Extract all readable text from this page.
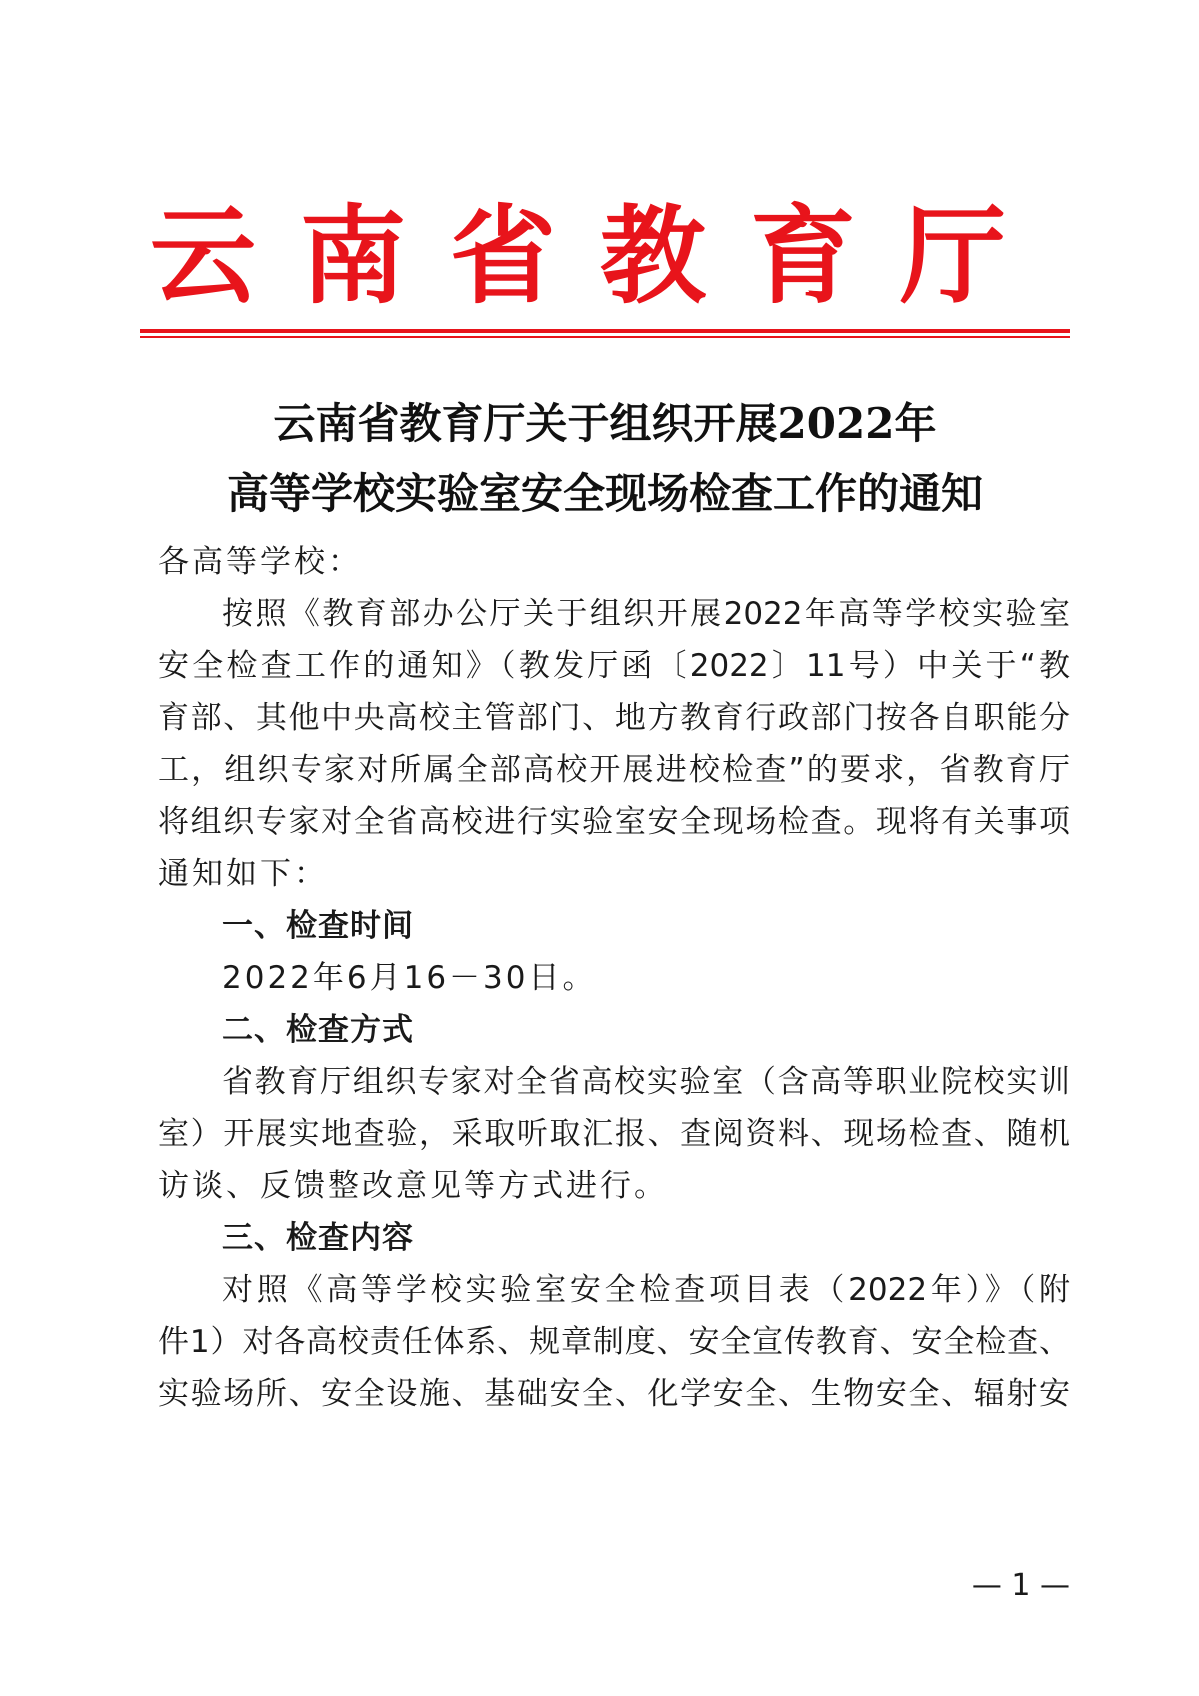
云南省教育厅
云南省教育厅关于组织开展2022年
高等学校实验室安全现场检查工作的通知
各高等学校：
按照《教育部办公厅关于组织开展2022年高等学校实验室
安全检查工作的通知》（教发厅函〔2022〕11号）中关于“教
育部、其他中央高校主管部门、地方教育行政部门按各自职能分
工，组织专家对所属全部高校开展进校检查”的要求，省教育厅
将组织专家对全省高校进行实验室安全现场检查。现将有关事项
通知如下：
一、检查时间
2022年6月16－30日。
二、检查方式
省教育厅组织专家对全省高校实验室（含高等职业院校实训
室）开展实地查验，采取听取汇报、查阅资料、现场检查、随机
访谈、反馈整改意见等方式进行。
三、检查内容
对照《高等学校实验室安全检查项目表（2022年）》（附
件1）对各高校责任体系、规章制度、安全宣传教育、安全检查、
实验场所、安全设施、基础安全、化学安全、生物安全、辐射安
— 1 —
